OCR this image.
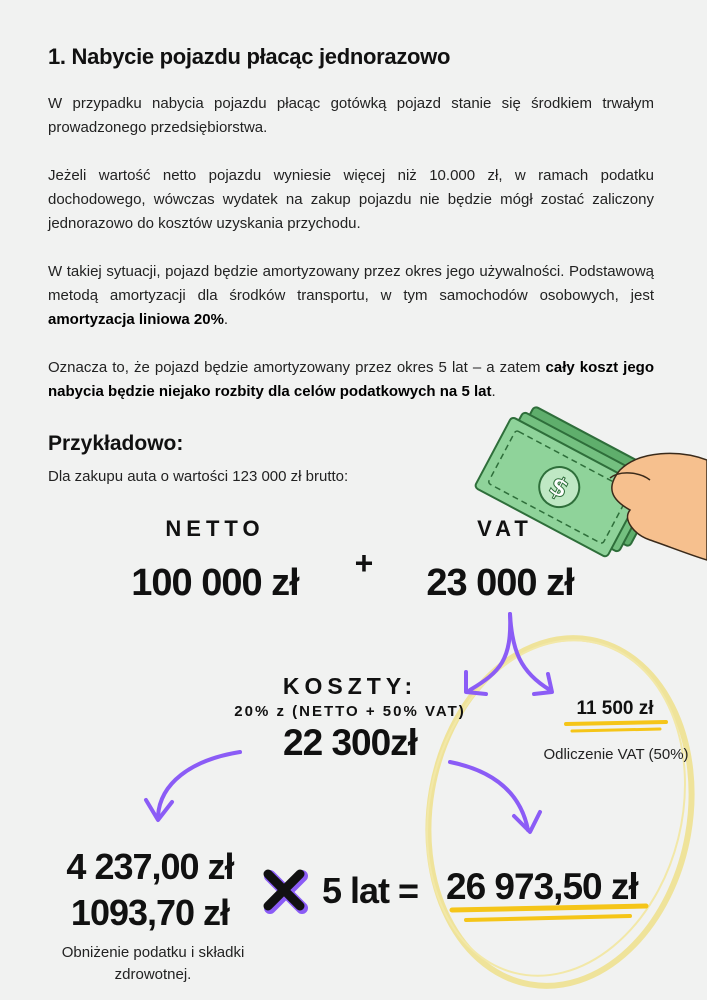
1. Nabycie pojazdu płacąc jednorazowo

W przypadku nabycia pojazdu płacąc gotówką pojazd stanie się środkiem trwałym prowadzonego przedsiębiorstwa.

Jeżeli wartość netto pojazdu wyniesie więcej niż 10.000 zł, w ramach podatku dochodowego, wówczas wydatek na zakup pojazdu nie będzie mógł zostać zaliczony jednorazowo do kosztów uzyskania przychodu.

W takiej sytuacji, pojazd będzie amortyzowany przez okres jego używalności. Podstawową metodą amortyzacji dla środków transportu, w tym samochodów osobowych, jest amortyzacja liniowa 20%.

Oznacza to, że pojazd będzie amortyzowany przez okres 5 lat – a zatem cały koszt jego nabycia będzie niejako rozbity dla celów podatkowych na 5 lat.

Przykładowo:
Dla zakupu auta o wartości 123 000 zł brutto:	$
NETTO
100 000 zł	+
VAT
23 000 zł
KOSZTY:
20% z (NETTO + 50% VAT)
22 300zł
11 500 zł
Odliczenie VAT (50%)
4 237,00 zł
1093,70 zł
Obniżenie podatku i składki zdrowotnej.
5 lat = 26 973,50 zł
